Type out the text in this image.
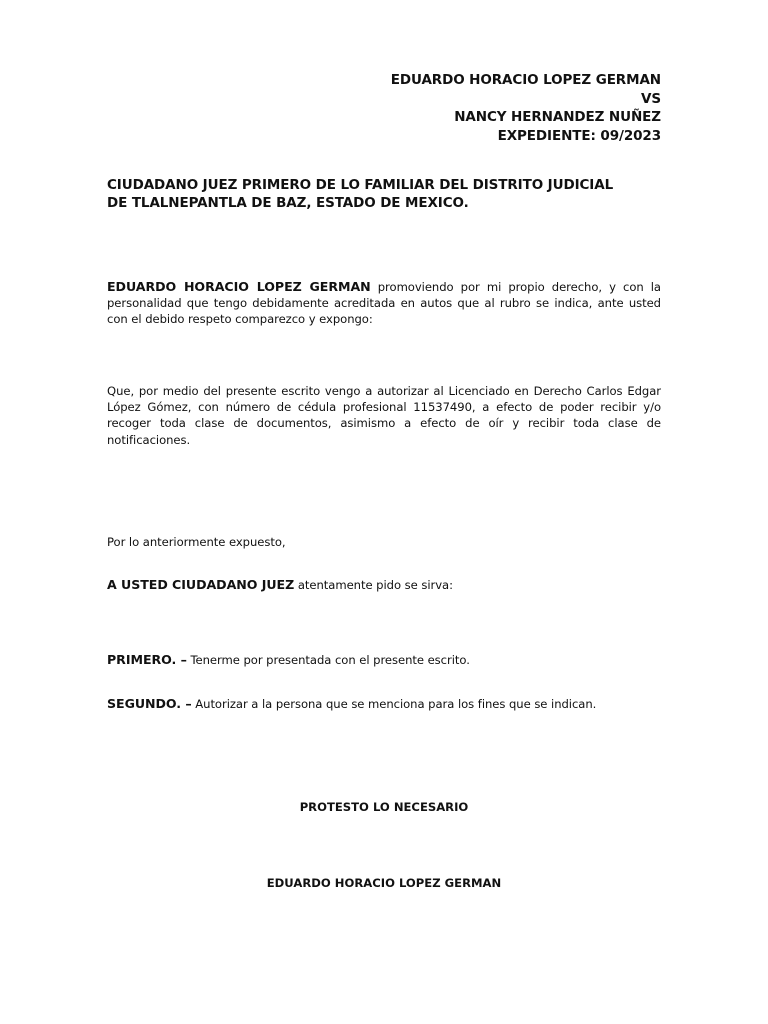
EDUARDO HORACIO LOPEZ GERMAN
VS
NANCY HERNANDEZ NUÑEZ
EXPEDIENTE: 09/2023
CIUDADANO JUEZ PRIMERO DE LO FAMILIAR DEL DISTRITO JUDICIAL
DE TLALNEPANTLA DE BAZ, ESTADO DE MEXICO.
EDUARDO HORACIO LOPEZ GERMAN promoviendo por mi propio derecho, y con la personalidad que tengo debidamente acreditada en autos que al rubro se indica, ante usted con el debido respeto comparezco y expongo:
Que, por medio del presente escrito vengo a autorizar al Licenciado en Derecho Carlos Edgar López Gómez, con número de cédula profesional 11537490, a efecto de poder recibir y/o recoger toda clase de documentos, asimismo a efecto de oír y recibir toda clase de notificaciones.
Por lo anteriormente expuesto,
A USTED CIUDADANO JUEZ atentamente pido se sirva:
PRIMERO. – Tenerme por presentada con el presente escrito.
SEGUNDO. – Autorizar a la persona que se menciona para los fines que se indican.
PROTESTO LO NECESARIO
EDUARDO HORACIO LOPEZ GERMAN
